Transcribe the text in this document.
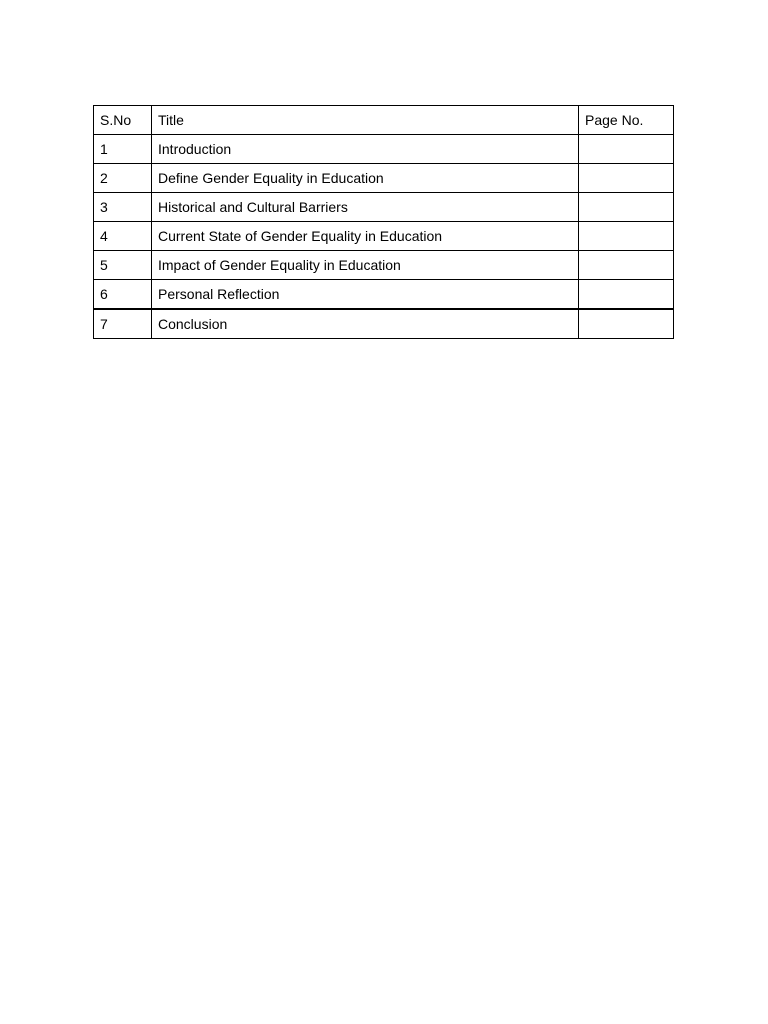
S.No	Title	Page No.
1	Introduction	
2	Define Gender Equality in Education	
3	Historical and Cultural Barriers	
4	Current State of Gender Equality in Education	
5	Impact of Gender Equality in Education	
6	Personal Reflection	
7	Conclusion	
